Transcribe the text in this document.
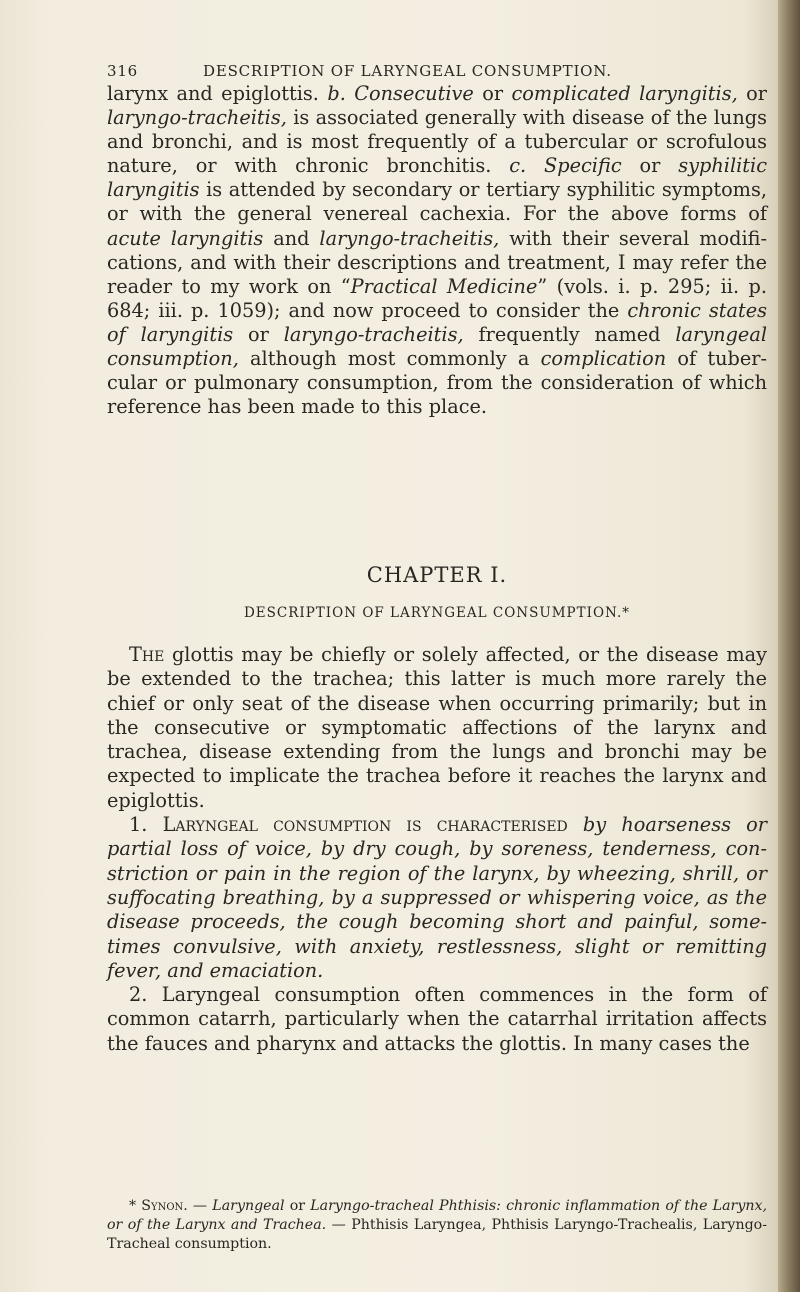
316	DESCRIPTION OF LARYNGEAL CONSUMPTION.

larynx and epiglottis. b. Consecutive or complicated laryngitis, or laryngo-tracheitis, is associated generally with disease of the lungs and bronchi, and is most frequently of a tubercular or scrofulous nature, or with chronic bronchitis. c. Specific or syphilitic laryngitis is attended by secondary or tertiary syphilitic symptoms, or with the general venereal cachexia. For the above forms of acute laryngitis and laryngo-tracheitis, with their several modifi-cations, and with their descriptions and treatment, I may refer the reader to my work on “Practical Medicine” (vols. i. p. 295; ii. p. 684; iii. p. 1059); and now proceed to consider the chronic states of laryngitis or laryngo-tracheitis, frequently named laryngeal consumption, although most commonly a complication of tuber-cular or pulmonary consumption, from the consideration of which reference has been made to this place.

CHAPTER I.
DESCRIPTION OF LARYNGEAL CONSUMPTION.*

The glottis may be chiefly or solely affected, or the disease may be extended to the trachea; this latter is much more rarely the chief or only seat of the disease when occurring primarily; but in the consecutive or symptomatic affections of the larynx and trachea, disease extending from the lungs and bronchi may be expected to implicate the trachea before it reaches the larynx and epiglottis.

1. Laryngeal consumption is characterised by hoarseness or partial loss of voice, by dry cough, by soreness, tenderness, con-striction or pain in the region of the larynx, by wheezing, shrill, or suffocating breathing, by a suppressed or whispering voice, as the disease proceeds, the cough becoming short and painful, some-times convulsive, with anxiety, restlessness, slight or remitting fever, and emaciation.

2. Laryngeal consumption often commences in the form of common catarrh, particularly when the catarrhal irritation affects the fauces and pharynx and attacks the glottis. In many cases the

* Synon. — Laryngeal or Laryngo-tracheal Phthisis: chronic inflammation of the Larynx, or of the Larynx and Trachea. — Phthisis Laryngea, Phthisis Laryngo-Trachealis, Laryngo-Tracheal consumption.
